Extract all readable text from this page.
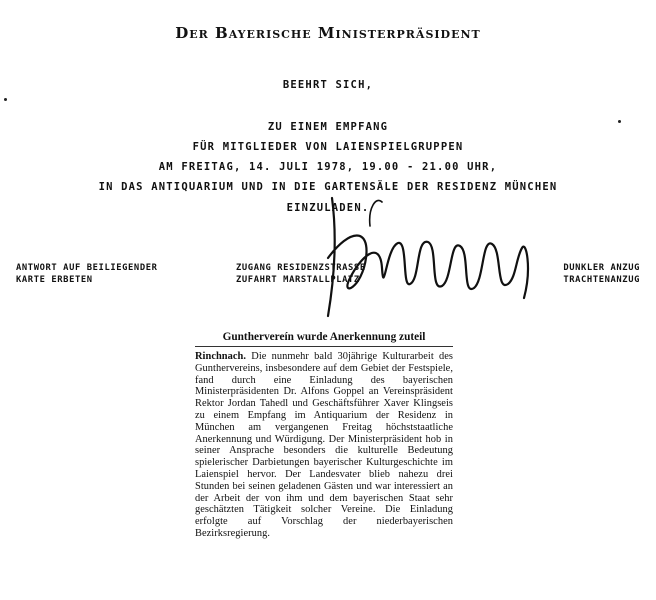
Der Bayerische Ministerpräsident
BEEHRT SICH,
ZU EINEM EMPFANG
FÜR MITGLIEDER VON LAIENSPIELGRUPPEN
AM FREITAG, 14. JULI 1978, 19.00 - 21.00 UHR,
IN DAS ANTIQUARIUM UND IN DIE GARTENSÄLE DER RESIDENZ MÜNCHEN
EINZULADEN.
ANTWORT AUF BEILIEGENDER
KARTE ERBETEN
ZUGANG RESIDENZSTRASSE
ZUFAHRT MARSTALLPLATZ
DUNKLER ANZUG
TRACHTENANZUG
Gunthervereín wurde Anerkennung zuteil
Rinchnach. Die nunmehr bald 30jährige Kulturarbeit des Gunthervereins, insbesondere auf dem Gebiet der Festspiele, fand durch eine Einladung des bayerischen Ministerpräsidenten Dr. Alfons Goppel an Vereinspräsident Rektor Jordan Tahedl und Geschäftsführer Xaver Klingseis zu einem Empfang im Antiquarium der Residenz in München am vergangenen Freitag höchststaatliche Anerkennung und Würdigung. Der Ministerpräsident hob in seiner Ansprache besonders die kulturelle Bedeutung spielerischer Darbietungen bayerischer Kulturgeschichte im Laienspiel hervor. Der Landesvater blieb nahezu drei Stunden bei seinen geladenen Gästen und war interessiert an der Arbeit der von ihm und dem bayerischen Staat sehr geschätzten Tätigkeit solcher Vereine. Die Einladung erfolgte auf Vorschlag der niederbayerischen Bezirksregierung.
